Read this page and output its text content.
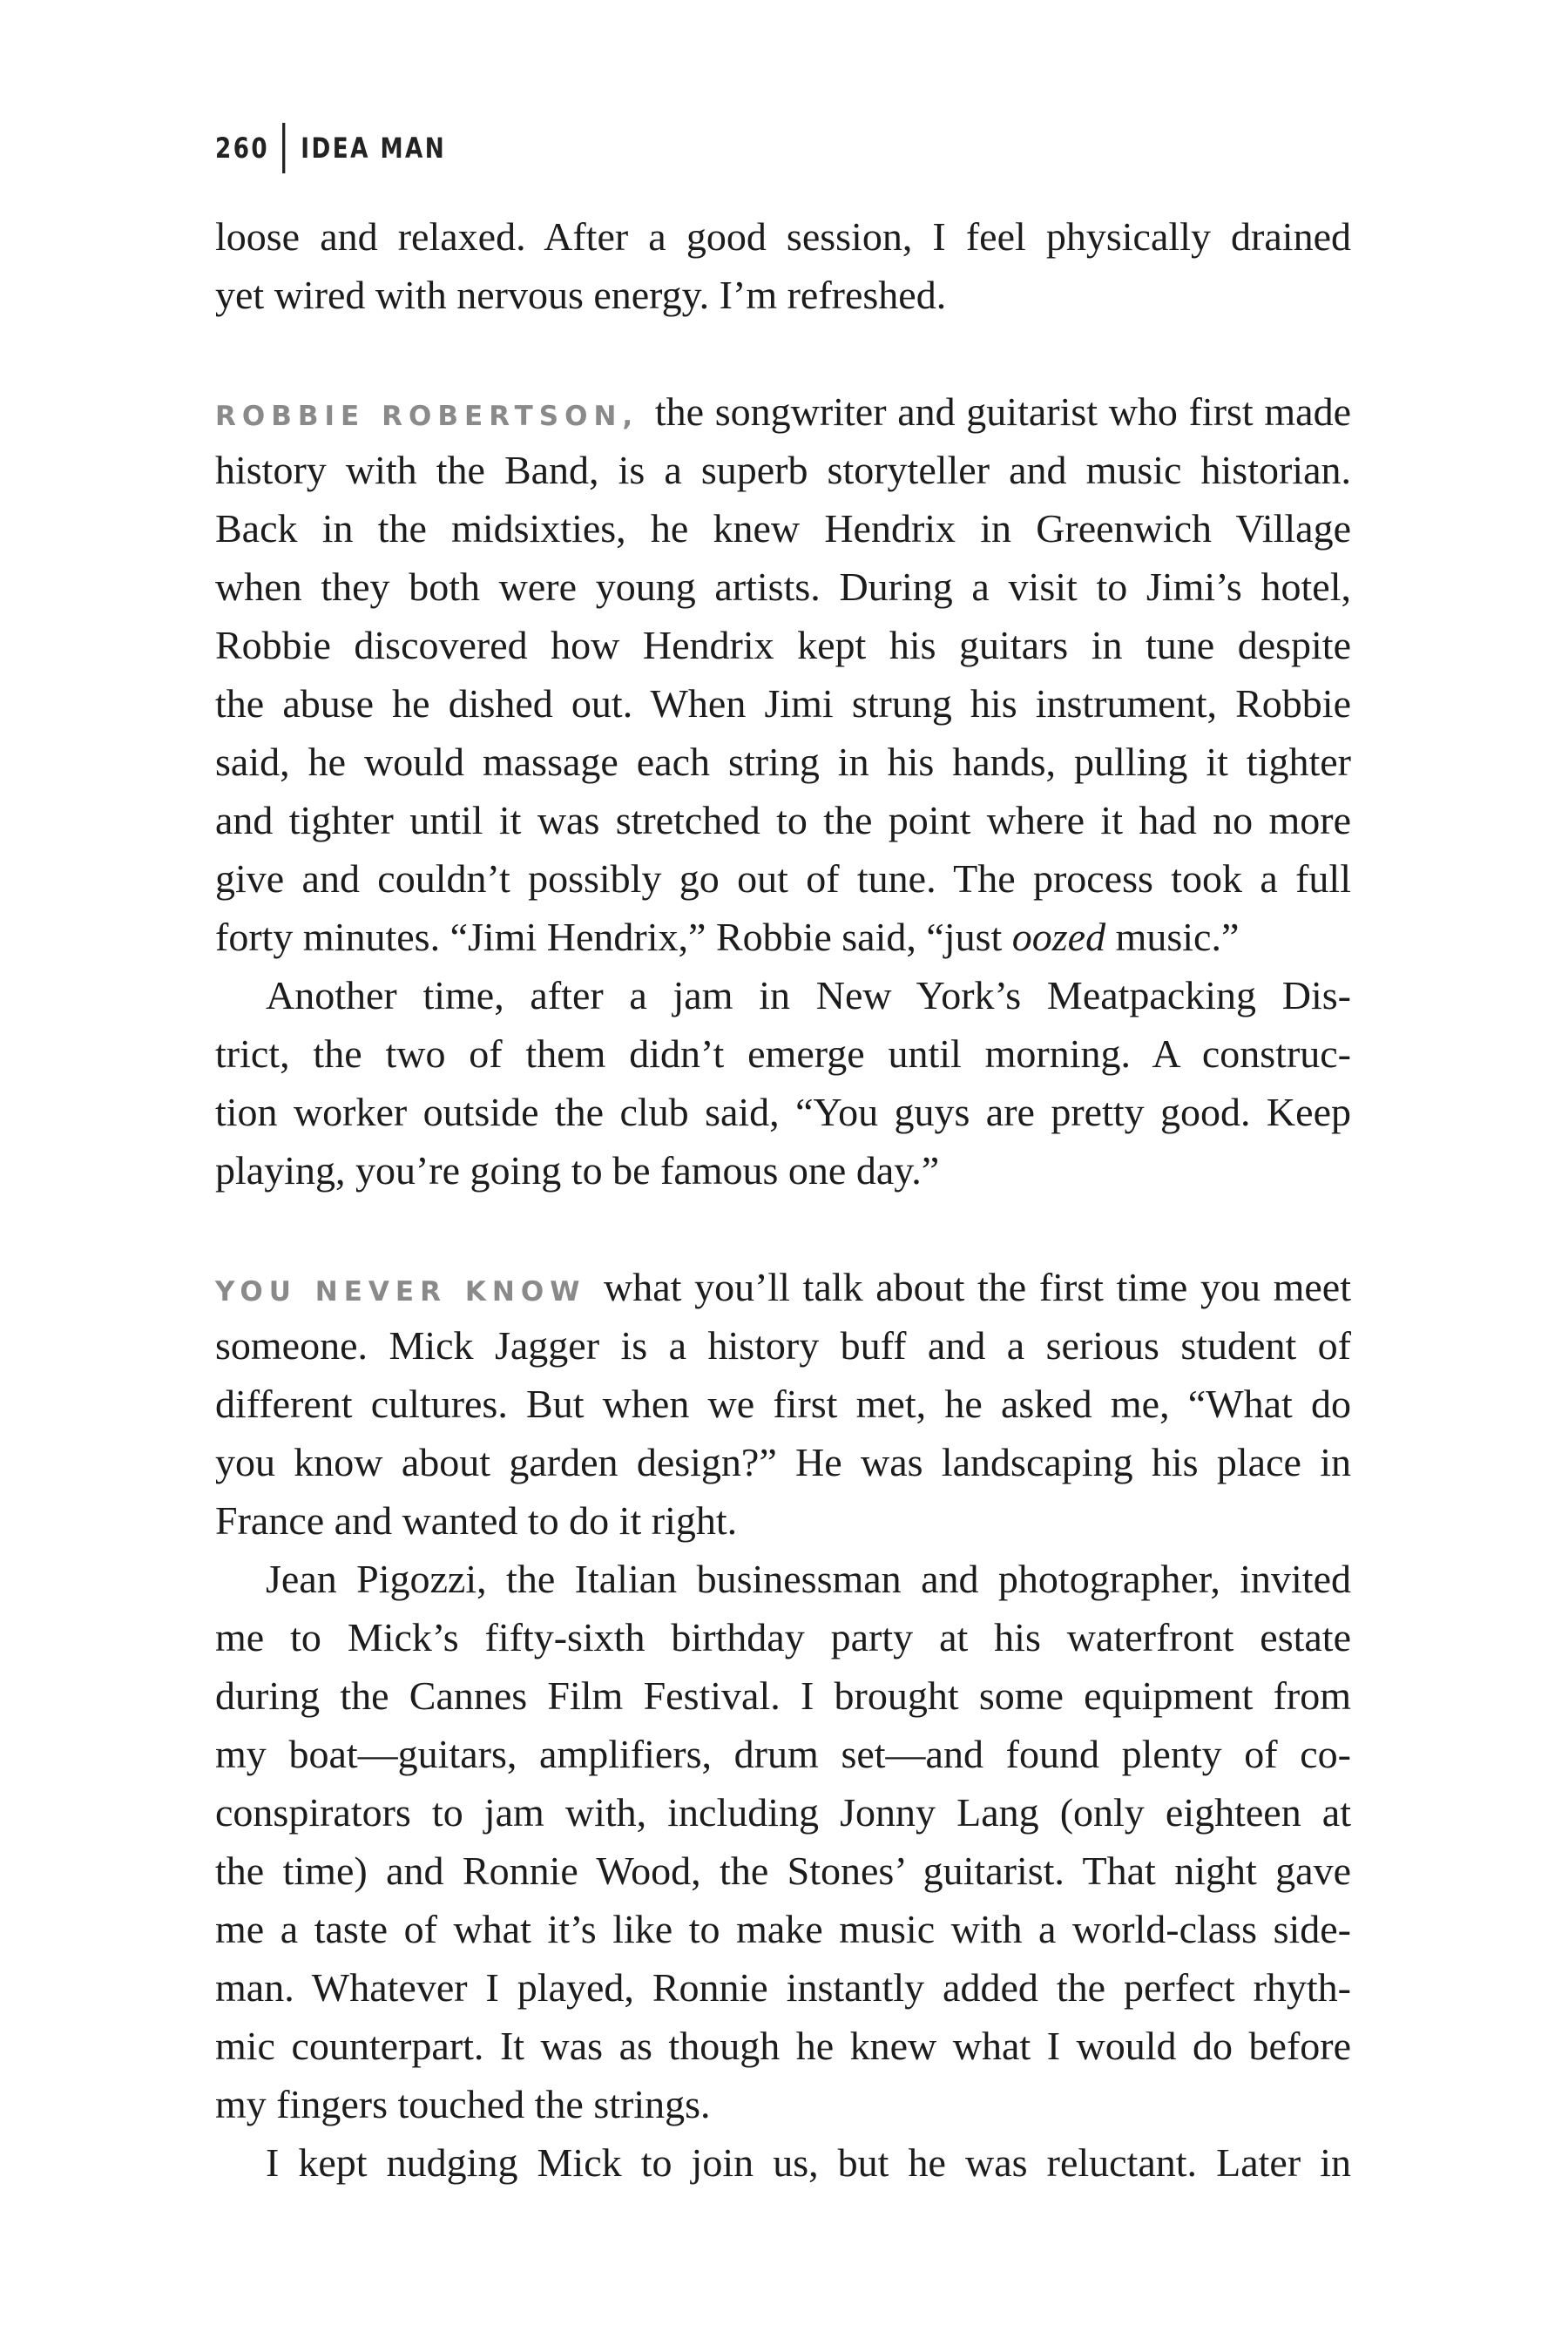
260 IDEA MAN
loose and relaxed. After a good session, I feel physically drained
yet wired with nervous energy. I’m refreshed.
ROBBIE ROBERTSON, the songwriter and guitarist who first made
history with the Band, is a superb storyteller and music historian.
Back in the midsixties, he knew Hendrix in Greenwich Village
when they both were young artists. During a visit to Jimi’s hotel,
Robbie discovered how Hendrix kept his guitars in tune despite
the abuse he dished out. When Jimi strung his instrument, Robbie
said, he would massage each string in his hands, pulling it tighter
and tighter until it was stretched to the point where it had no more
give and couldn’t possibly go out of tune. The process took a full
forty minutes. “Jimi Hendrix,” Robbie said, “just oozed music.”
Another time, after a jam in New York’s Meatpacking Dis-
trict, the two of them didn’t emerge until morning. A construc-
tion worker outside the club said, “You guys are pretty good. Keep
playing, you’re going to be famous one day.”
YOU NEVER KNOW what you’ll talk about the first time you meet
someone. Mick Jagger is a history buff and a serious student of
different cultures. But when we first met, he asked me, “What do
you know about garden design?” He was landscaping his place in
France and wanted to do it right.
Jean Pigozzi, the Italian businessman and photographer, invited
me to Mick’s fifty-sixth birthday party at his waterfront estate
during the Cannes Film Festival. I brought some equipment from
my boat—guitars, amplifiers, drum set—and found plenty of co-
conspirators to jam with, including Jonny Lang (only eighteen at
the time) and Ronnie Wood, the Stones’ guitarist. That night gave
me a taste of what it’s like to make music with a world-class side-
man. Whatever I played, Ronnie instantly added the perfect rhyth-
mic counterpart. It was as though he knew what I would do before
my fingers touched the strings.
I kept nudging Mick to join us, but he was reluctant. Later in
